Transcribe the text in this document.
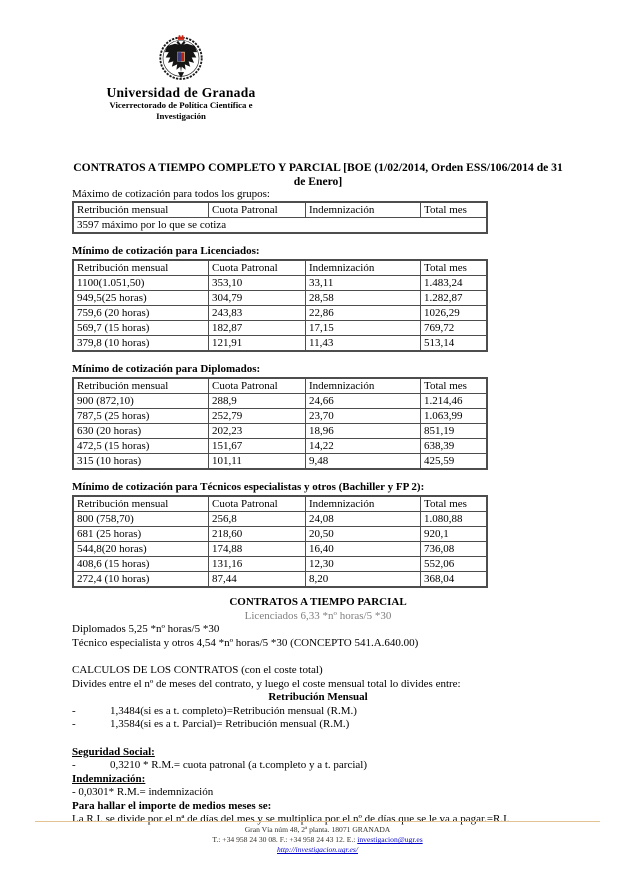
Universidad de Granada
Vicerrectorado de Política Científica e
Investigación
CONTRATOS A TIEMPO COMPLETO Y PARCIAL [BOE (1/02/2014, Orden ESS/106/2014 de 31
de Enero]

Máximo de cotización para todos los grupos:

Retribución mensual	Cuota Patronal	Indemnización	Total mes
3597 máximo por lo que se cotiza

Mínimo de cotización para Licenciados:

Retribución mensual	Cuota Patronal	Indemnización	Total mes
1100(1.051,50)	353,10	33,11	1.483,24
949,5(25 horas)	304,79	28,58	1.282,87
759,6 (20 horas)	243,83	22,86	1026,29
569,7 (15 horas)	182,87	17,15	769,72
379,8 (10 horas)	121,91	11,43	513,14

Mínimo de cotización para Diplomados:

Retribución mensual	Cuota Patronal	Indemnización	Total mes
900 (872,10)	288,9	24,66	1.214,46
787,5 (25 horas)	252,79	23,70	1.063,99
630 (20 horas)	202,23	18,96	851,19
472,5 (15 horas)	151,67	14,22	638,39
315 (10 horas)	101,11	9,48	425,59

Mínimo de cotización para Técnicos especialistas y otros (Bachiller y FP 2):

Retribución mensual	Cuota Patronal	Indemnización	Total mes
800 (758,70)	256,8	24,08	1.080,88
681 (25 horas)	218,60	20,50	920,1
544,8(20 horas)	174,88	16,40	736,08
408,6 (15 horas)	131,16	12,30	552,06
272,4 (10 horas)	87,44	8,20	368,04

CONTRATOS A TIEMPO PARCIAL

Licenciados 6,33 *nº horas/5 *30

Diplomados 5,25 *nº horas/5 *30

Técnico especialista y otros 4,54 *nº horas/5 *30 (CONCEPTO 541.A.640.00)

CALCULOS DE LOS CONTRATOS (con el coste total)

Divides entre el nº de meses del contrato, y luego el coste mensual total lo divides entre:

Retribución Mensual

-	1,3484(si es a t. completo)=Retribución mensual (R.M.)
-	1,3584(si es a t. Parcial)= Retribución mensual (R.M.)

Seguridad Social:

-	0,3210 * R.M.= cuota patronal (a t.completo y a t. parcial)

Indemnización:

- 0,0301* R.M.= indemnización

Para hallar el importe de medios meses se:

La R.I. se divide por el nª de días del mes y se multiplica por el nº de días que se le va a pagar.=R.I.

Gran Vía núm 48, 2ª planta. 18071 GRANADA
T.: +34 958 24 30 08. F.: +34 958 24 43 12. E.: investigacion@ugr.es
http://investigacion.ugr.es/
